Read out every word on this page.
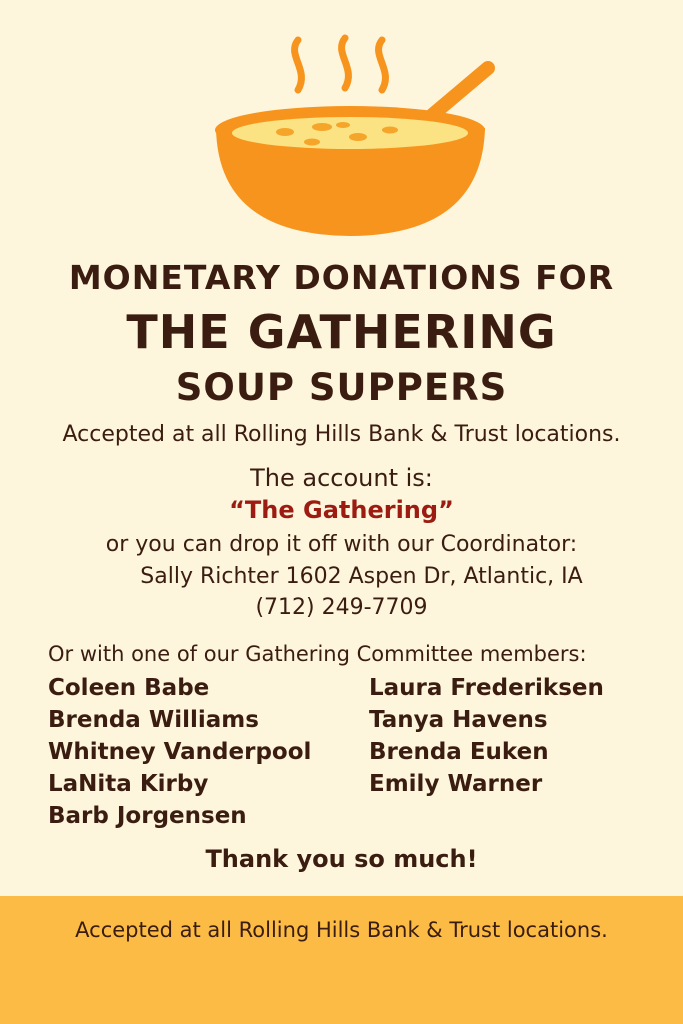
MONETARY DONATIONS FOR
THE GATHERING
SOUP SUPPERS

Accepted at all Rolling Hills Bank & Trust locations.

The account is:

“The Gathering”

or you can drop it off with our Coordinator:

Sally Richter 1602 Aspen Dr, Atlantic, IA

(712) 249-7709

Or with one of our Gathering Committee members:

Coleen Babe
Brenda Williams
Whitney Vanderpool
LaNita Kirby
Barb Jorgensen
Laura Frederiksen
Tanya Havens
Brenda Euken
Emily Warner

Thank you so much!

Accepted at all Rolling Hills Bank & Trust locations.
